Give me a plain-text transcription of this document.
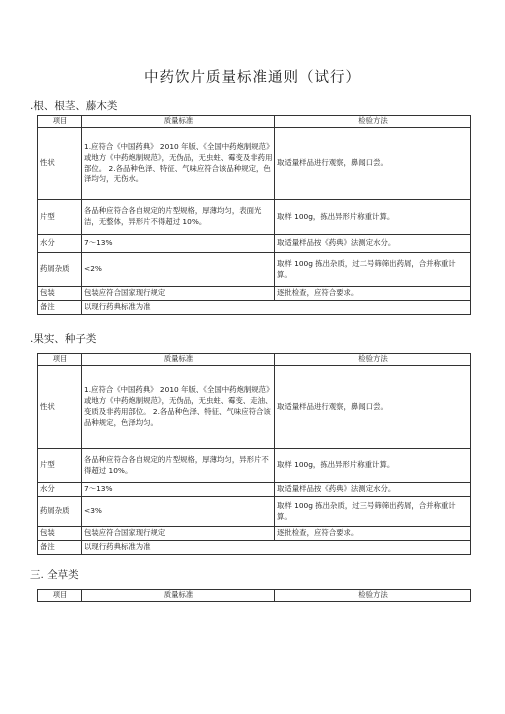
中药饮片质量标准通则（试行）
.根、根茎、藤木类
项目	质量标准	检验方法
性状	1.应符合《中国药典》 2010 年版、《全国中药炮制规范》或地方《中药炮制规范》，无伪品，无虫蛀、霉变及非药用部位。 2.各品种色泽、特征、气味应符合该品种规定，色泽均匀，无伤水。	取适量样品进行观察，鼻闻口尝。
片型	各品种应符合各自规定的片型规格，厚薄均匀，表面光洁，无整体，异形片不得超过 10%。	取样 100g，拣出异形片称重计算。
水分	7～13%	取适量样品按《药典》法测定水分。
药屑杂质	<2%	取样 100g 拣出杂质，过二号筛筛出药屑，合并称重计算。
包装	包装应符合国家现行规定	逐批检查，应符合要求。
备注	以现行药典标准为准	
.果实、种子类
项目	质量标准	检验方法
性状	1.应符合《中国药典》 2010 年版、《全国中药炮制规范》或地方《中药炮制规范》，无伪品，无虫蛀、霉变、走油、变质及非药用部位。 2.各品种色泽、特征、气味应符合该品种规定，色泽均匀。	取适量样品进行观察，鼻闻口尝。
片型	各品种应符合各自规定的片型规格，厚薄均匀，异形片不得超过 10%。	取样 100g，拣出异形片称重计算。
水分	7～13%	取适量样品按《药典》法测定水分。
药屑杂质	<3%	取样 100g 拣出杂质，过三号筛筛出药屑，合并称重计算。
包装	包装应符合国家现行规定	逐批检查，应符合要求。
备注	以现行药典标准为准	
三. 全草类
项目	质量标准	检验方法
